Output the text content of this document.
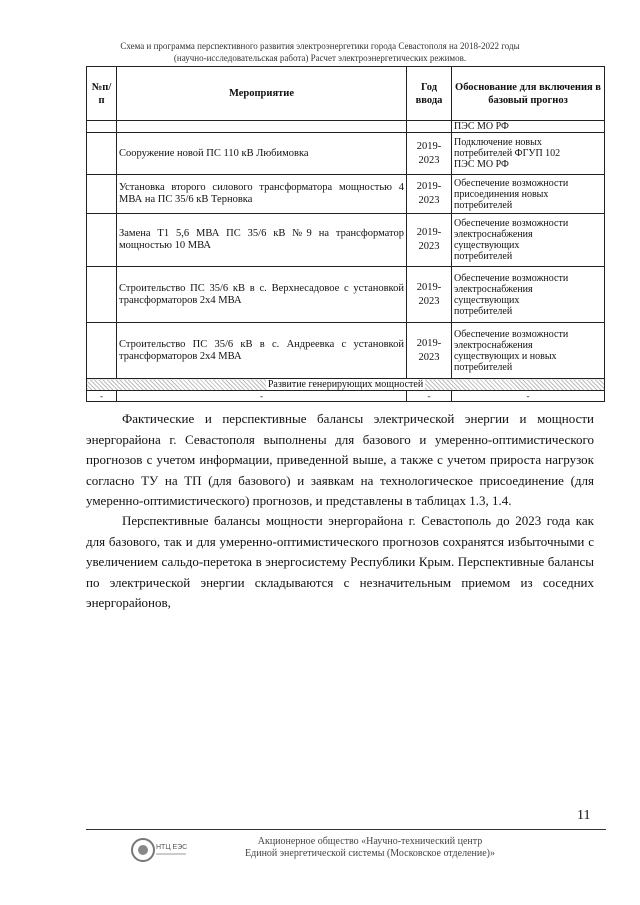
Схема и программа перспективного развития электроэнергетики города Севастополя на 2018-2022 годы
(научно-исследовательская работа) Расчет электроэнергетических режимов.
№п/п	Мероприятие	Год ввода	Обоснование для включения в базовый прогноз
			ПЭС МО РФ
	Сооружение новой ПС 110 кВ Любимовка	2019-2023	Подключение новых
потребителей ФГУП 102
ПЭС МО РФ

	Установка второго силового трансформатора мощностью 4 МВА на ПС 35/6 кВ Терновка	2019-2023	Обеспечение возможности
присоединения новых
потребителей

	Замена Т1 5,6 МВА ПС 35/6 кВ №9 на трансформатор мощностью 10 МВА	2019-2023	Обеспечение возможности
электроснабжения
существующих
потребителей

	Строительство ПС 35/6 кВ в с. Верхнесадовое с установкой трансформаторов 2х4 МВА	2019-2023	Обеспечение возможности
электроснабжения
существующих
потребителей

	Строительство ПС 35/6 кВ в с. Андреевка с установкой трансформаторов 2х4 МВА	2019-2023	Обеспечение возможности
электроснабжения
существующих и новых
потребителей

Развитие генерирующих мощностей			
-	-	-	-

Фактические и перспективные балансы электрической энергии и мощности энергорайона г. Севастополя выполнены для базового и умеренно-оптимистического прогнозов с учетом информации, приведенной выше, а также с учетом прироста нагрузок согласно ТУ на ТП (для базового) и заявкам на технологическое присоединение (для умеренно-оптимистического) прогнозов, и представлены в таблицах 1.3, 1.4.

Перспективные балансы мощности энергорайона г. Севастополь до 2023 года как для базового, так и для умеренно-оптимистического прогнозов сохранятся избыточными с увеличением сальдо-перетока в энергосистему Республики Крым. Перспективные балансы по электрической энергии складываются с незначительным приемом из соседних энергорайонов,

11
НТЦ ЕЭС
Акционерное общество «Научно-технический центр
Единой энергетической системы (Московское отделение)»
